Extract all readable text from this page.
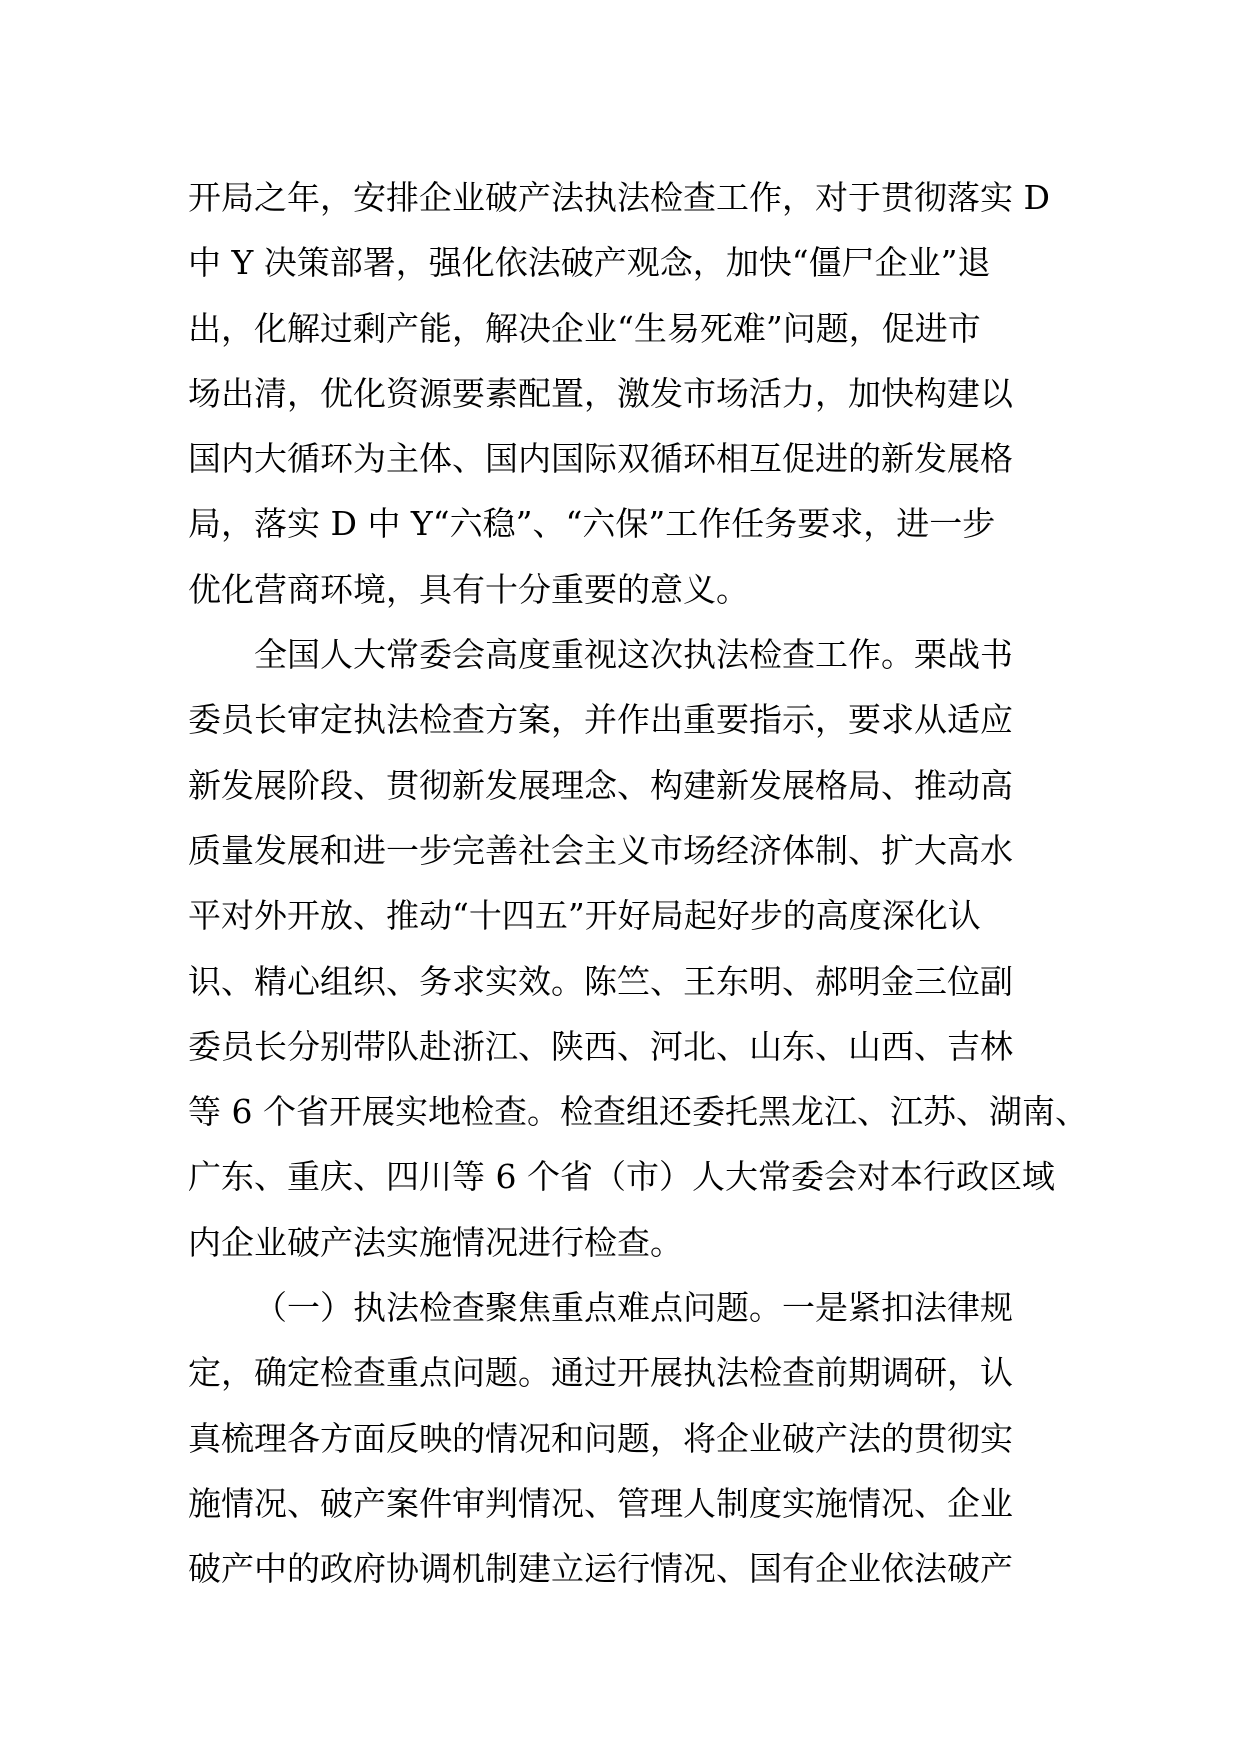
开局之年，安排企业破产法执法检查工作，对于贯彻落实 D
中 Y 决策部署，强化依法破产观念，加快“僵尸企业”退
出，化解过剩产能，解决企业“生易死难”问题，促进市
场出清，优化资源要素配置，激发市场活力，加快构建以
国内大循环为主体、国内国际双循环相互促进的新发展格
局，落实 D 中 Y“六稳”、“六保”工作任务要求，进一步
优化营商环境，具有十分重要的意义。
全国人大常委会高度重视这次执法检查工作。栗战书
委员长审定执法检查方案，并作出重要指示，要求从适应
新发展阶段、贯彻新发展理念、构建新发展格局、推动高
质量发展和进一步完善社会主义市场经济体制、扩大高水
平对外开放、推动“十四五”开好局起好步的高度深化认
识、精心组织、务求实效。陈竺、王东明、郝明金三位副
委员长分别带队赴浙江、陕西、河北、山东、山西、吉林
等 6 个省开展实地检查。检查组还委托黑龙江、江苏、湖南、
广东、重庆、四川等 6 个省（市）人大常委会对本行政区域
内企业破产法实施情况进行检查。
（一）执法检查聚焦重点难点问题。一是紧扣法律规
定，确定检查重点问题。通过开展执法检查前期调研，认
真梳理各方面反映的情况和问题，将企业破产法的贯彻实
施情况、破产案件审判情况、管理人制度实施情况、企业
破产中的政府协调机制建立运行情况、国有企业依法破产
